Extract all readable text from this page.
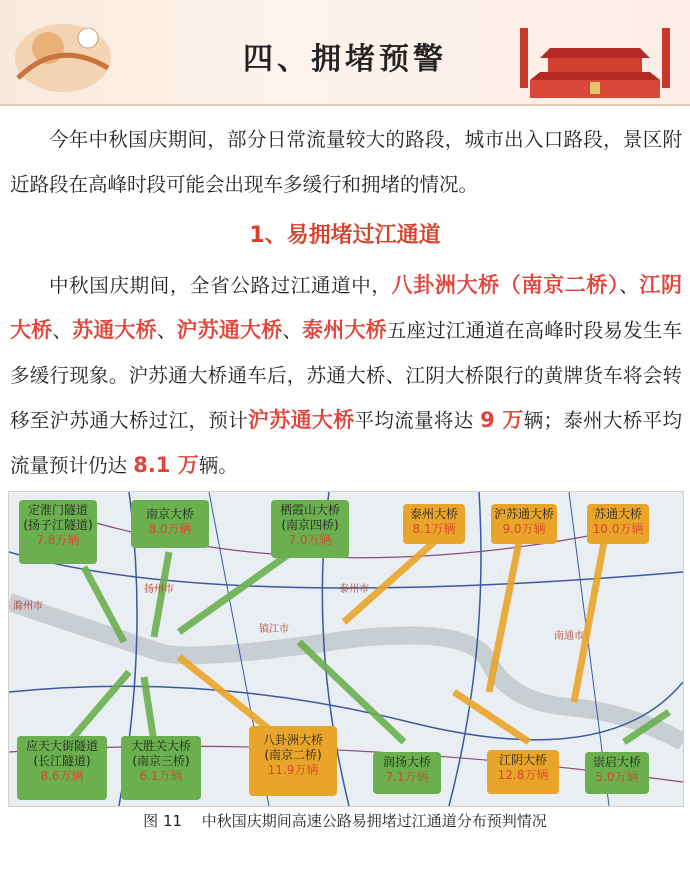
四、拥堵预警
今年中秋国庆期间，部分日常流量较大的路段，城市出入口路段，景区附近路段在高峰时段可能会出现车多缓行和拥堵的情况。
1、易拥堵过江通道
中秋国庆期间，全省公路过江通道中，八卦洲大桥（南京二桥）、江阴大桥、苏通大桥、沪苏通大桥、泰州大桥五座过江通道在高峰时段易发生车多缓行现象。沪苏通大桥通车后，苏通大桥、江阴大桥限行的黄牌货车将会转移至沪苏通大桥过江，预计沪苏通大桥平均流量将达 9 万辆；泰州大桥平均流量预计仍达 8.1 万辆。
滁州市
扬州市	泰州市
南通市
镇江市
定淮门隧道
(扬子江隧道)
7.8万辆
南京大桥
8.0万辆
栖霞山大桥
(南京四桥)
7.0万辆
泰州大桥
8.1万辆
沪苏通大桥
9.0万辆
苏通大桥
10.0万辆
应天大街隧道
(长江隧道)
8.6万辆
大胜关大桥
(南京三桥)
6.1万辆
八卦洲大桥
(南京二桥)
11.9万辆
润扬大桥
7.1万辆
江阴大桥
12.8万辆
崇启大桥
5.0万辆
图 11　 中秋国庆期间高速公路易拥堵过江通道分布预判情况
